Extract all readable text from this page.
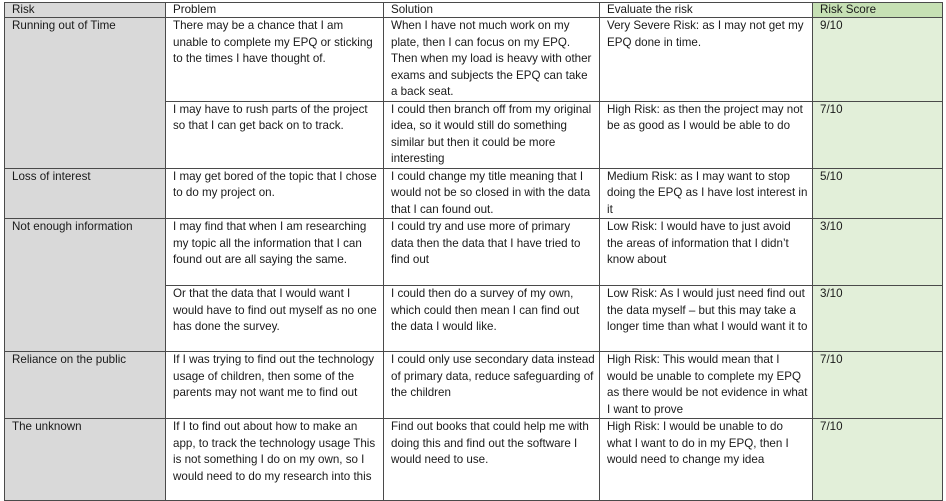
Risk	Problem	Solution	Evaluate the risk	Risk Score
Running out of Time	There may be a chance that I am unable to complete my EPQ or sticking to the times I have thought of.	When I have not much work on my plate, then I can focus on my EPQ. Then when my load is heavy with other exams and subjects the EPQ can take a back seat.	Very Severe Risk: as I may not get my EPQ done in time.	9/10
	I may have to rush parts of the project so that I can get back on to track.	I could then branch off from my original idea, so it would still do something similar but then it could be more interesting	High Risk: as then the project may not be as good as I would be able to do	7/10
Loss of interest	I may get bored of the topic that I chose to do my project on.	I could change my title meaning that I would not be so closed in with the data that I can found out.	Medium Risk: as I may want to stop doing the EPQ as I have lost interest in it	5/10
Not enough information	I may find that when I am researching my topic all the information that I can found out are all saying the same.	I could try and use more of primary data then the data that I have tried to find out	Low Risk: I would have to just avoid the areas of information that I didn’t know about	3/10
	Or that the data that I would want I would have to find out myself as no one has done the survey.	I could then do a survey of my own, which could then mean I can find out the data I would like.	Low Risk: As I would just need find out the data myself – but this may take a longer time than what I would want it to	3/10
Reliance on the public	If I was trying to find out the technology usage of children, then some of the parents may not want me to find out	I could only use secondary data instead of primary data, reduce safeguarding of the children	High Risk: This would mean that I would be unable to complete my EPQ as there would be not evidence in what I want to prove	7/10
The unknown	If I to find out about how to make an app, to track the technology usage This is not something I do on my own, so I would need to do my research into this	Find out books that could help me with doing this and find out the software I would need to use.	High Risk: I would be unable to do what I want to do in my EPQ, then I would need to change my idea	7/10
